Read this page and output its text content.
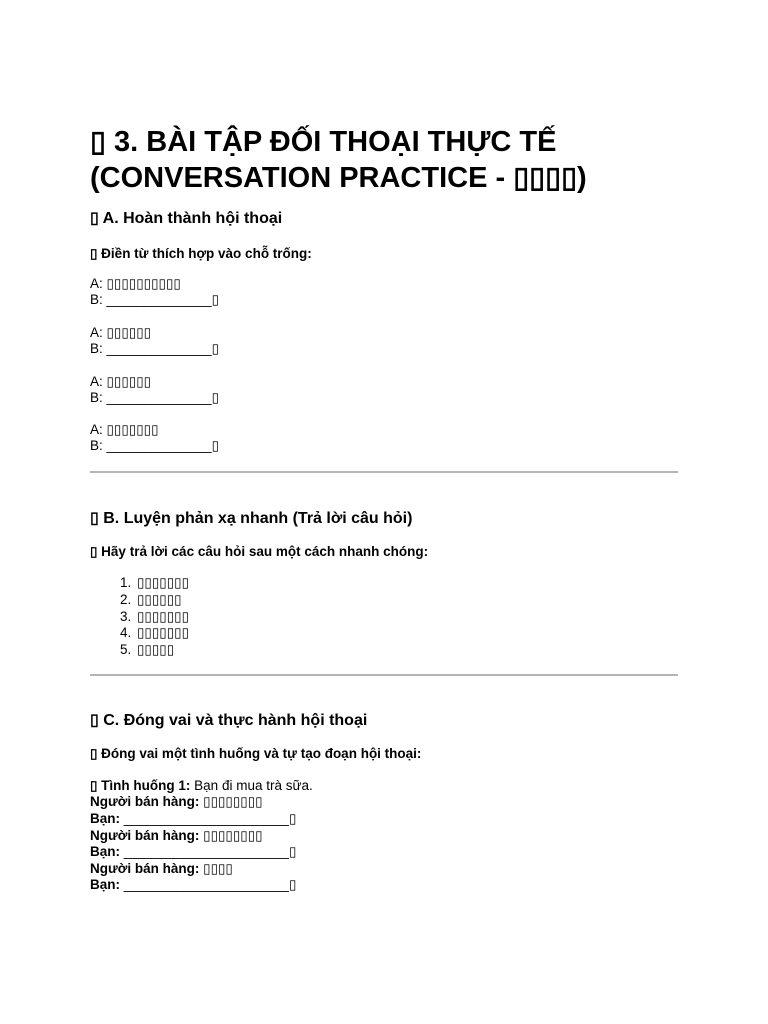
▯ 3. BÀI TẬP ĐỐI THOẠI THỰC TẾ
(CONVERSATION PRACTICE - ▯▯▯▯)
▯ A. Hoàn thành hội thoại
▯ Điền từ thích hợp vào chỗ trống:
A: ▯▯▯▯▯▯▯▯▯▯
B: ______________▯
A: ▯▯▯▯▯▯
B: ______________▯
A: ▯▯▯▯▯▯
B: ______________▯
A: ▯▯▯▯▯▯▯
B: ______________▯
▯ B. Luyện phản xạ nhanh (Trả lời câu hỏi)
▯ Hãy trả lời các câu hỏi sau một cách nhanh chóng:
1. ▯▯▯▯▯▯▯
2. ▯▯▯▯▯▯
3. ▯▯▯▯▯▯▯
4. ▯▯▯▯▯▯▯
5. ▯▯▯▯▯
▯ C. Đóng vai và thực hành hội thoại
▯ Đóng vai một tình huống và tự tạo đoạn hội thoại:
▯ Tình huống 1: Bạn đi mua trà sữa.
Người bán hàng: ▯▯▯▯▯▯▯▯
Bạn: ______________________▯
Người bán hàng: ▯▯▯▯▯▯▯▯
Bạn: ______________________▯
Người bán hàng: ▯▯▯▯
Bạn: ______________________▯
